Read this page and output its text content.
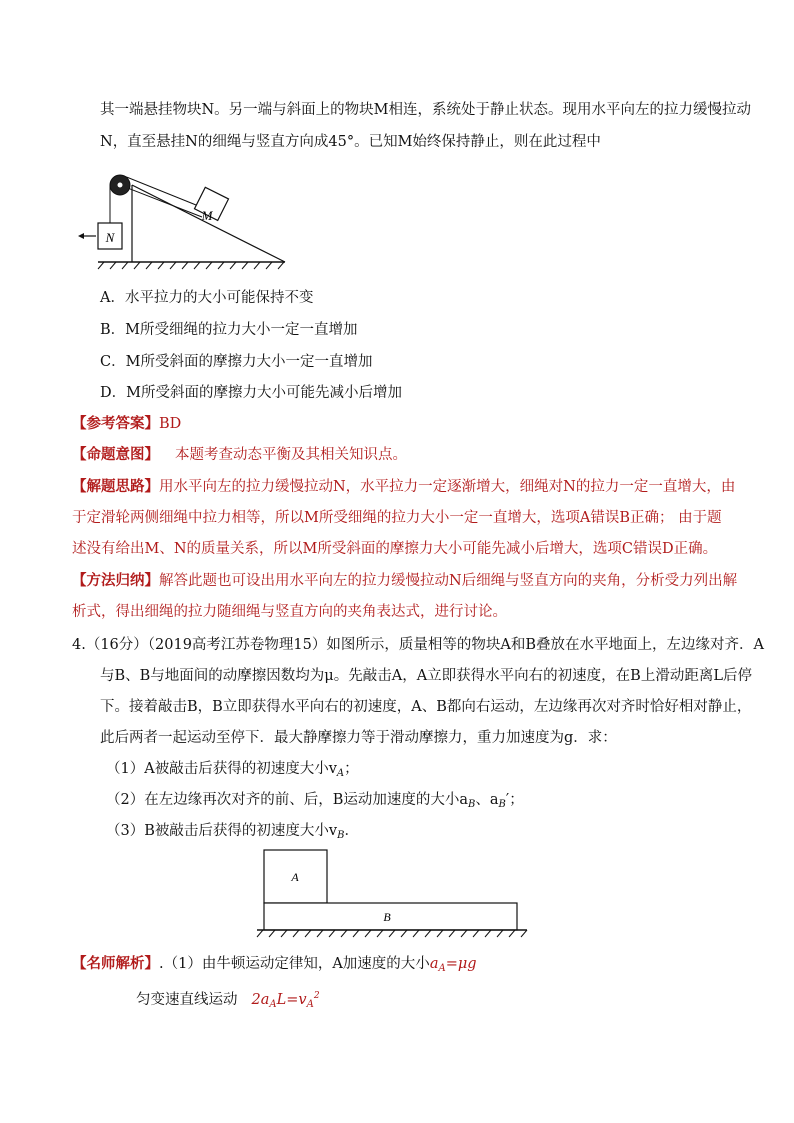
其一端悬挂物块N。另一端与斜面上的物块M相连，系统处于静止状态。现用水平向左的拉力缓慢拉动
N，直至悬挂N的细绳与竖直方向成45°。已知M始终保持静止，则在此过程中
N
M
A．水平拉力的大小可能保持不变
B．M所受细绳的拉力大小一定一直增加
C．M所受斜面的摩擦力大小一定一直增加
D．M所受斜面的摩擦力大小可能先减小后增加
【参考答案】BD
【命题意图】 本题考查动态平衡及其相关知识点。
【解题思路】用水平向左的拉力缓慢拉动N，水平拉力一定逐渐增大，细绳对N的拉力一定一直增大，由
于定滑轮两侧细绳中拉力相等，所以M所受细绳的拉力大小一定一直增大，选项A错误B正确； 由于题
述没有给出M、N的质量关系，所以M所受斜面的摩擦力大小可能先减小后增大，选项C错误D正确。
【方法归纳】解答此题也可设出用水平向左的拉力缓慢拉动N后细绳与竖直方向的夹角，分析受力列出解
析式，得出细绳的拉力随细绳与竖直方向的夹角表达式，进行讨论。
4.（16分）（2019高考江苏卷物理15）如图所示，质量相等的物块A和B叠放在水平地面上，左边缘对齐．A
与B、B与地面间的动摩擦因数均为μ。先敲击A，A立即获得水平向右的初速度，在B上滑动距离L后停
下。接着敲击B，B立即获得水平向右的初速度，A、B都向右运动，左边缘再次对齐时恰好相对静止，
此后两者一起运动至停下．最大静摩擦力等于滑动摩擦力，重力加速度为g．求：
（1）A被敲击后获得的初速度大小$v_A$；
（2）在左边缘再次对齐的前、后，B运动加速度的大小$a_B$、$a_B'$；
（3）B被敲击后获得的初速度大小$v_B$．
A
B
【名师解析】.（1）由牛顿运动定律知，A加速度的大小$a_A=\mu g$
匀变速直线运动 $2a_AL=v_A^2$
